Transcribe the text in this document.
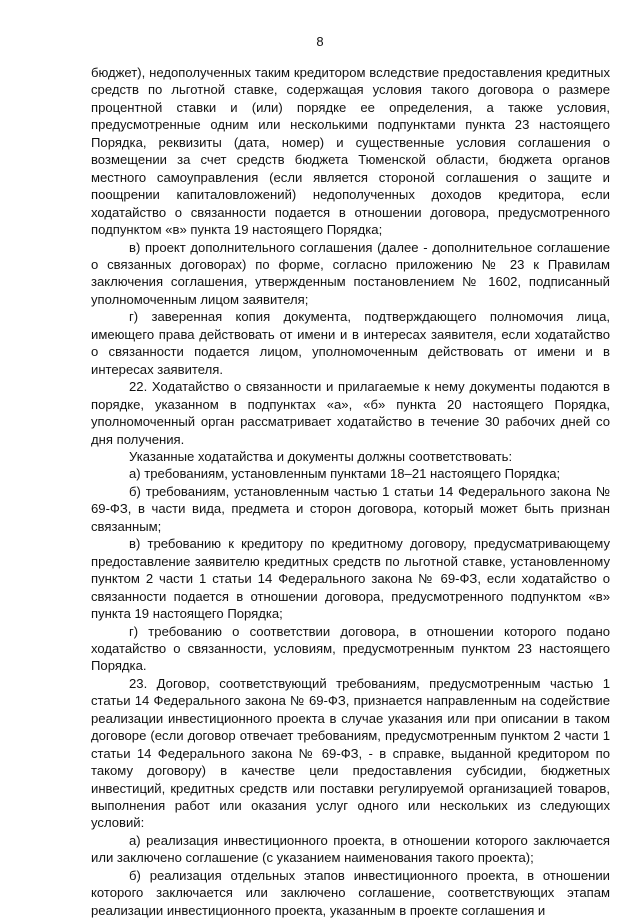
8

бюджет), недополученных таким кредитором вследствие предоставления кредитных средств по льготной ставке, содержащая условия такого договора о размере процентной ставки и (или) порядке ее определения, а также условия, предусмотренные одним или несколькими подпунктами пункта 23 настоящего Порядка, реквизиты (дата, номер) и существенные условия соглашения о возмещении за счет средств бюджета Тюменской области, бюджета органов местного самоуправления (если является стороной соглашения о защите и поощрении капиталовложений) недополученных доходов кредитора, если ходатайство о связанности подается в отношении договора, предусмотренного подпунктом «в» пункта 19 настоящего Порядка;

в) проект дополнительного соглашения (далее - дополнительное соглашение о связанных договорах) по форме, согласно приложению № 23 к Правилам заключения соглашения, утвержденным постановлением № 1602, подписанный уполномоченным лицом заявителя;

г) заверенная копия документа, подтверждающего полномочия лица, имеющего права действовать от имени и в интересах заявителя, если ходатайство о связанности подается лицом, уполномоченным действовать от имени и в интересах заявителя.

22. Ходатайство о связанности и прилагаемые к нему документы подаются в порядке, указанном в подпунктах «а», «б» пункта 20 настоящего Порядка, уполномоченный орган рассматривает ходатайство в течение 30 рабочих дней со дня получения.

Указанные ходатайства и документы должны соответствовать:

а) требованиям, установленным пунктами 18–21 настоящего Порядка;

б) требованиям, установленным частью 1 статьи 14 Федерального закона № 69-ФЗ, в части вида, предмета и сторон договора, который может быть признан связанным;

в) требованию к кредитору по кредитному договору, предусматривающему предоставление заявителю кредитных средств по льготной ставке, установленному пунктом 2 части 1 статьи 14 Федерального закона № 69-ФЗ, если ходатайство о связанности подается в отношении договора, предусмотренного подпунктом «в» пункта 19 настоящего Порядка;

г) требованию о соответствии договора, в отношении которого подано ходатайство о связанности, условиям, предусмотренным пунктом 23 настоящего Порядка.

23. Договор, соответствующий требованиям, предусмотренным частью 1 статьи 14 Федерального закона № 69-ФЗ, признается направленным на содействие реализации инвестиционного проекта в случае указания или при описании в таком договоре (если договор отвечает требованиям, предусмотренным пунктом 2 части 1 статьи 14 Федерального закона № 69-ФЗ, - в справке, выданной кредитором по такому договору) в качестве цели предоставления субсидии, бюджетных инвестиций, кредитных средств или поставки регулируемой организацией товаров, выполнения работ или оказания услуг одного или нескольких из следующих условий:

а) реализация инвестиционного проекта, в отношении которого заключается или заключено соглашение (с указанием наименования такого проекта);

б) реализация отдельных этапов инвестиционного проекта, в отношении которого заключается или заключено соглашение, соответствующих этапам реализации инвестиционного проекта, указанным в проекте соглашения и
